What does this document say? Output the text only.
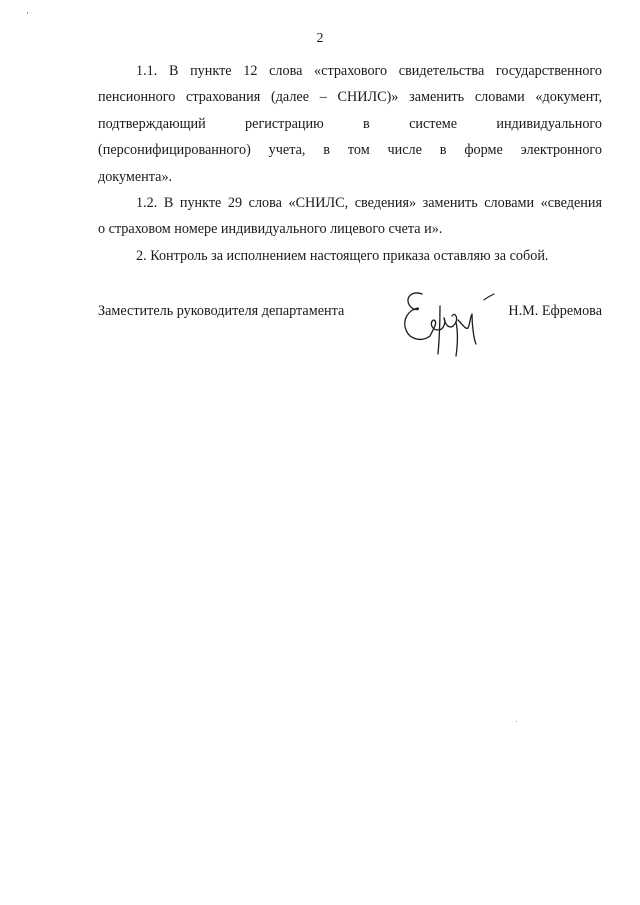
2

1.1. В пункте 12 слова «страхового свидетельства государственного
пенсионного страхования (далее – СНИЛС)» заменить словами «документ,
подтверждающий регистрацию в системе индивидуального
(персонифицированного) учета, в том числе в форме электронного
документа».

1.2. В пункте 29 слова «СНИЛС, сведения» заменить словами «сведения
о страховом номере индивидуального лицевого счета и».

2. Контроль за исполнением настоящего приказа оставляю за собой.

Заместитель руководителя департамента	Н.М. Ефремова
